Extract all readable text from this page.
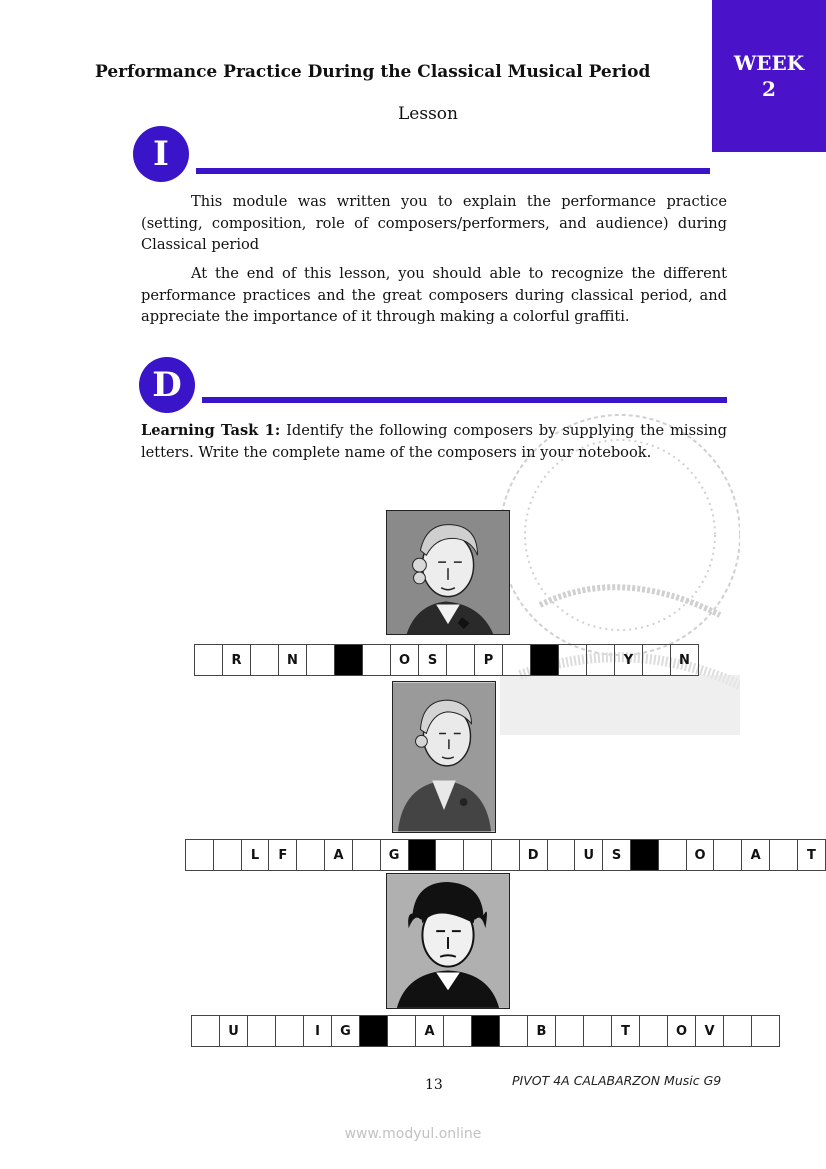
Performance Practice During the Classical Musical Period	WEEK
2
Lesson
I
This module was written you to explain the performance practice (setting, composition, role of composers/performers, and audience) during Classical period
At the end of this lesson, you should able to recognize the different performance practices and the great composers during classical period, and appreciate the importance of it through making a colorful graffiti.
D
Learning Task 1: Identify the following composers by supplying the missing letters. Write the complete name of the composers in your notebook.
	R		N				O	S		P					Y		N
		L	F		A		G					D		U	S			O		A		T
	U			I	G			A				B			T		O	V		
13	PIVOT 4A CALABARZON Music G9
www.modyul.online
